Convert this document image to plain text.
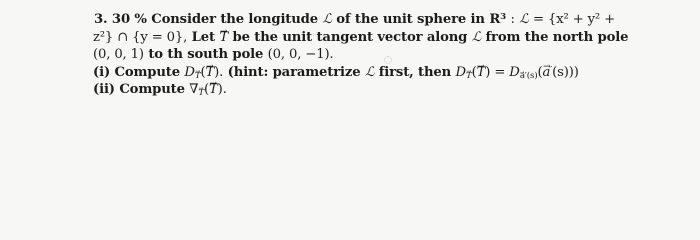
3. 30 % Consider the longitude ℒ of the unit sphere in $R^3$ : ℒ = {x² + y² +
z²} ∩ {y = 0}, Let → T be the unit tangent vector along ℒ from the north pole
(0, 0, 1) to th south pole (0, 0, −1).
(i) Compute $D_T(\to T)$. (hint: parametrize ℒ first, then $D_T(\to T) = D_{a⃗'(s)}(\to a'(s))$)
(ii) Compute $\nabla_T(\to T)$.
